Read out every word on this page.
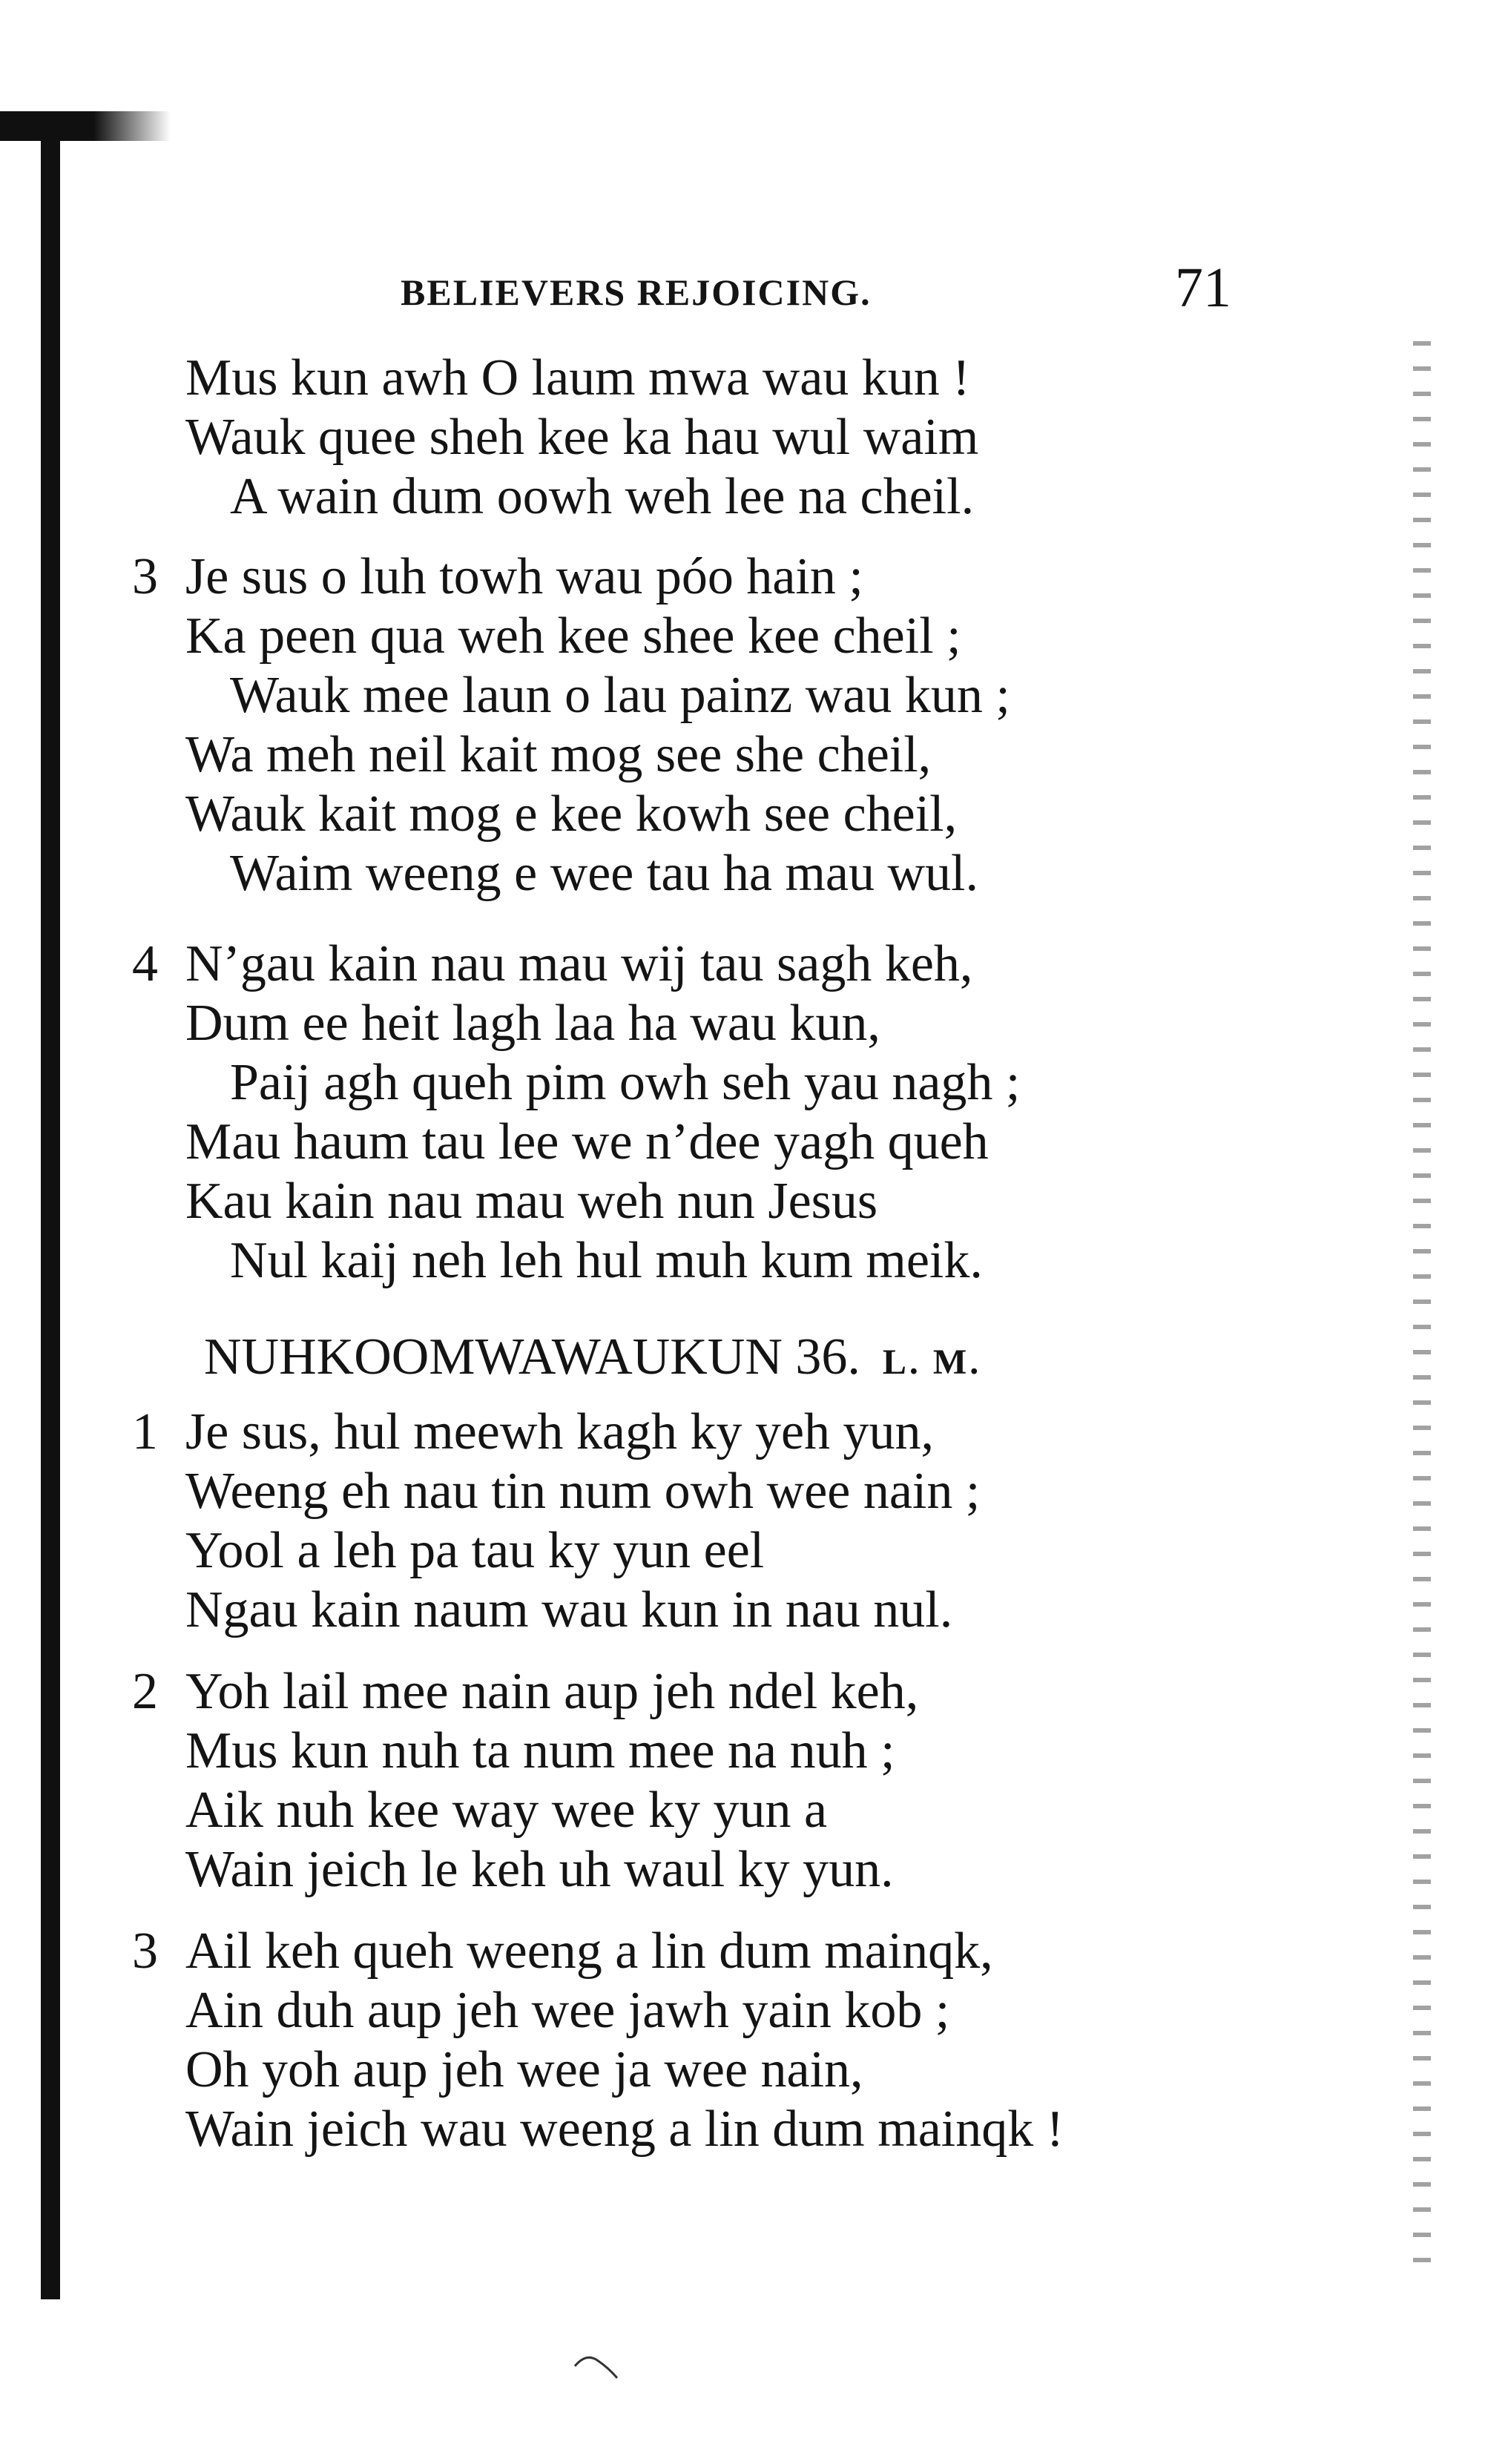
BELIEVERS REJOICING.	71
Mus kun awh O laum mwa wau kun !
Wauk quee sheh kee ka hau wul waim
A wain dum oowh weh lee na cheil.
3 Je sus o luh towh wau póo hain ;
Ka peen qua weh kee shee kee cheil ;
Wauk mee laun o lau painz wau kun ;
Wa meh neil kait mog see she cheil,
Wauk kait mog e kee kowh see cheil,
Waim weeng e wee tau ha mau wul.
4 N’gau kain nau mau wij tau sagh keh,
Dum ee heit lagh laa ha wau kun,
Paij agh queh pim owh seh yau nagh ;
Mau haum tau lee we n’dee yagh queh
Kau kain nau mau weh nun Jesus
Nul kaij neh leh hul muh kum meik.
NUHKOOMWAWAUKUN 36. L. M.
1 Je sus, hul meewh kagh ky yeh yun,
Weeng eh nau tin num owh wee nain ;
Yool a leh pa tau ky yun eel
Ngau kain naum wau kun in nau nul.
2 Yoh lail mee nain aup jeh ndel keh,
Mus kun nuh ta num mee na nuh ;
Aik nuh kee way wee ky yun a
Wain jeich le keh uh waul ky yun.
3 Ail keh queh weeng a lin dum mainqk,
Ain duh aup jeh wee jawh yain kob ;
Oh yoh aup jeh wee ja wee nain,
Wain jeich wau weeng a lin dum mainqk !
